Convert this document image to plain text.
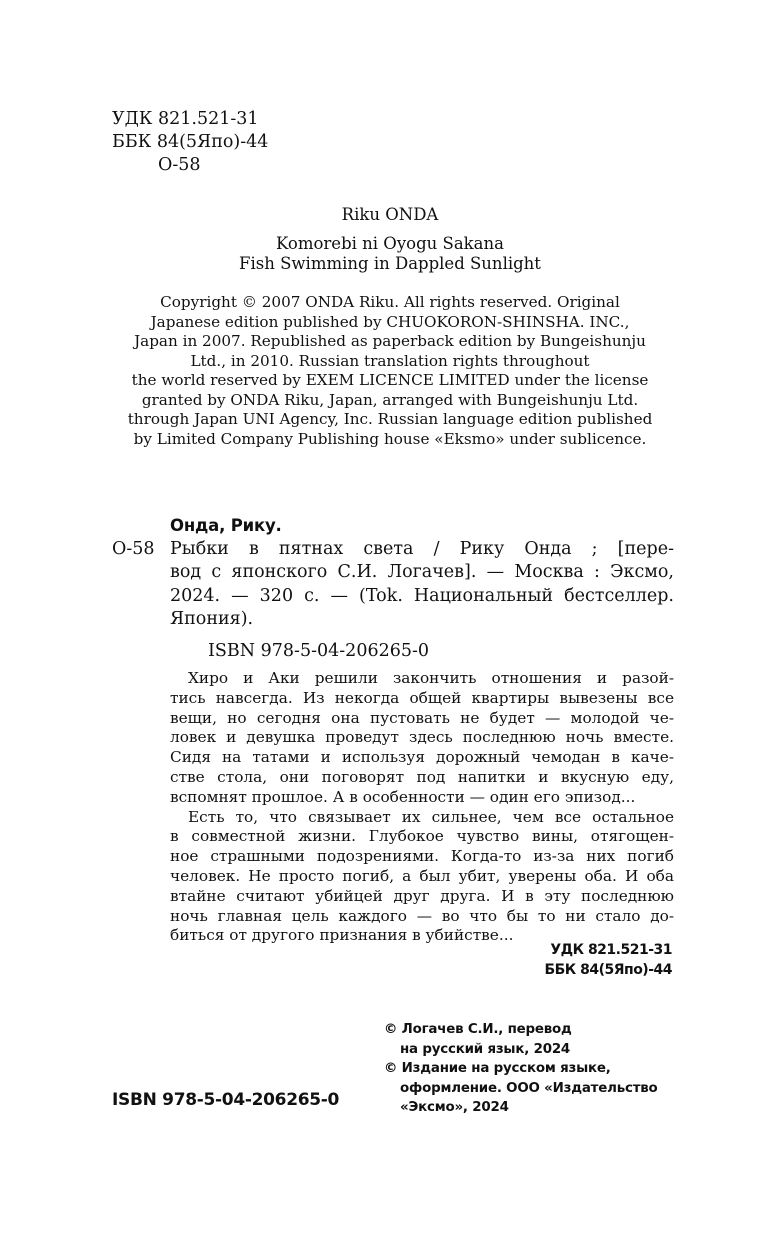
УДК 821.521-31
ББК 84(5Япо)-44
О-58
Riku ONDA
Komorebi ni Oyogu Sakana
Fish Swimming in Dappled Sunlight
Copyright © 2007 ONDA Riku. All rights reserved. Original
Japanese edition published by CHUOKORON-SHINSHA. INC.,
Japan in 2007. Republished as paperback edition by Bungeishunju
Ltd., in 2010. Russian translation rights throughout
the world reserved by EXEM LICENCE LIMITED under the license
granted by ONDA Riku, Japan, arranged with Bungeishunju Ltd.
through Japan UNI Agency, Inc. Russian language edition published
by Limited Company Publishing house «Eksmo» under sublicence.
Онда, Рику.
О-58 Рыбки в пятнах света / Рику Онда ; [пере-
вод с японского С.И. Логачев]. — Москва : Эксмо,
2024. — 320 с. — (Tok. Национальный бестселлер.
Япония).
ISBN 978-5-04-206265-0
Хиро и Аки решили закончить отношения и разой-
тись навсегда. Из некогда общей квартиры вывезены все
вещи, но сегодня она пустовать не будет — молодой че-
ловек и девушка проведут здесь последнюю ночь вместе.
Сидя на татами и используя дорожный чемодан в каче-
стве стола, они поговорят под напитки и вкусную еду,
вспомнят прошлое. А в особенности — один его эпизод...
Есть то, что связывает их сильнее, чем все остальное
в совместной жизни. Глубокое чувство вины, отягощен-
ное страшными подозрениями. Когда-то из-за них погиб
человек. Не просто погиб, а был убит, уверены оба. И оба
втайне считают убийцей друг друга. И в эту последнюю
ночь главная цель каждого — во что бы то ни стало до-
биться от другого признания в убийстве...
УДК 821.521-31
ББК 84(5Япо)-44
© Логачев С.И., перевод
на русский язык, 2024
© Издание на русском языке,
оформление. ООО «Издательство
«Эксмо», 2024
ISBN 978-5-04-206265-0
